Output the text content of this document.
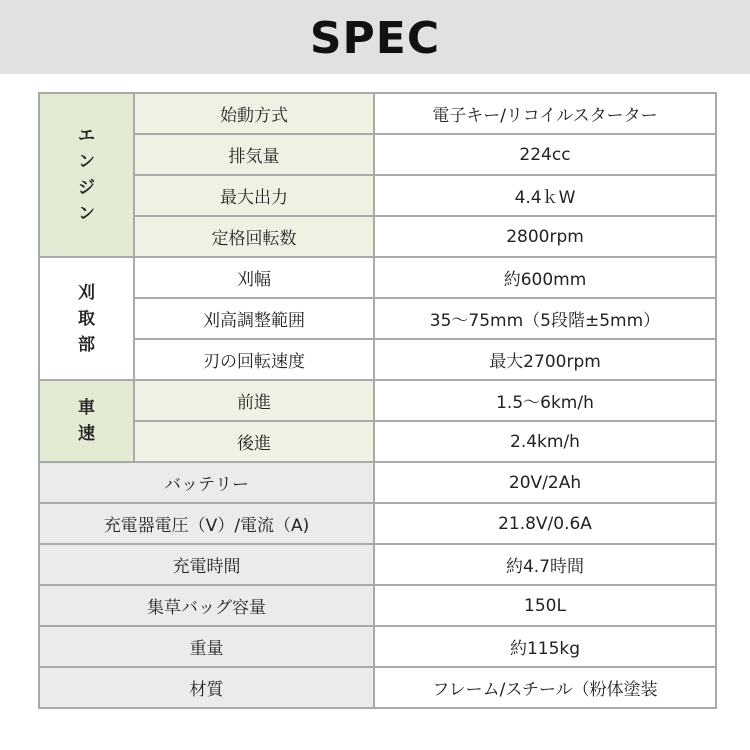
SPEC
エ
ン
ジ
ン	始動方式	電子キー/リコイルスターター
	排気量	224cc
	最大出力	4.4ｋW
	定格回転数	2800rpm

刈
取
部	刈幅	約600mm
	刈高調整範囲	35～75mm（5段階±5mm）
	刃の回転速度	最大2700rpm

車
速	前進	1.5～6km/h
	後進	2.4km/h
バッテリー		20V/2Ah
充電器電圧（V）/電流（A)		21.8V/0.6A
充電時間		約4.7時間
集草バッグ容量		150L
重量		約115kg
材質		フレーム/スチール（粉体塗装
